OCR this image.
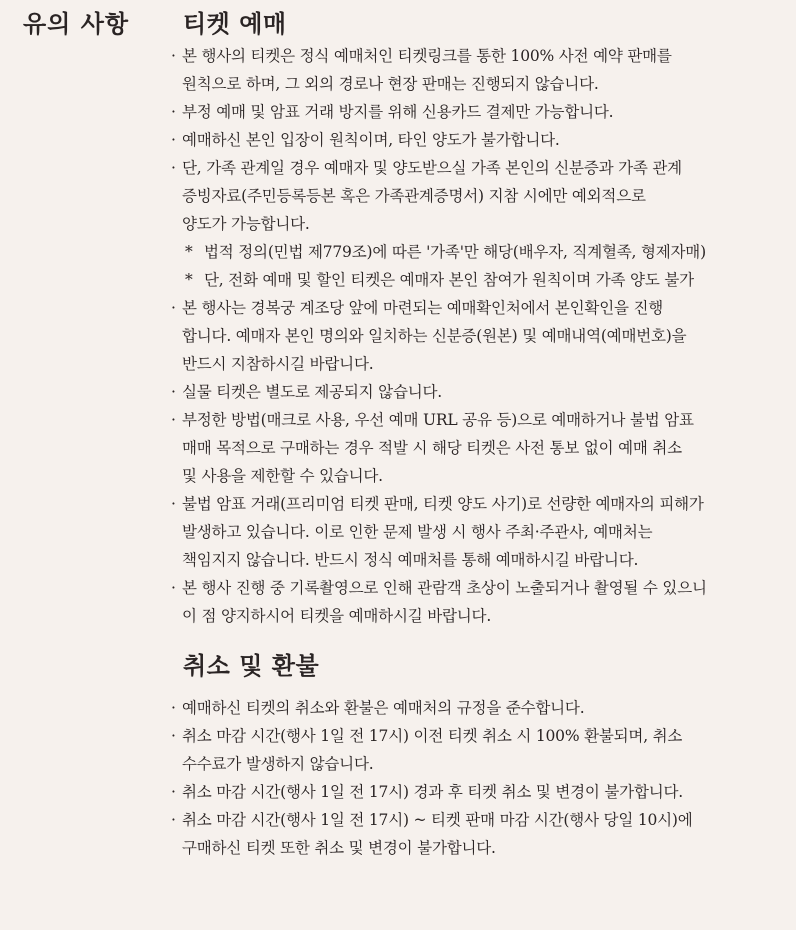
유의 사항	티켓 예매
· 본 행사의 티켓은 정식 예매처인 티켓링크를 통한 100% 사전 예약 판매를
원칙으로 하며, 그 외의 경로나 현장 판매는 진행되지 않습니다.
· 부정 예매 및 암표 거래 방지를 위해 신용카드 결제만 가능합니다.
· 예매하신 본인 입장이 원칙이며, 타인 양도가 불가합니다.
· 단, 가족 관계일 경우 예매자 및 양도받으실 가족 본인의 신분증과 가족 관계
증빙자료(주민등록등본 혹은 가족관계증명서) 지참 시에만 예외적으로
양도가 가능합니다.
* 법적 정의(민법 제779조)에 따른 '가족'만 해당(배우자, 직계혈족, 형제자매)
* 단, 전화 예매 및 할인 티켓은 예매자 본인 참여가 원칙이며 가족 양도 불가
· 본 행사는 경복궁 계조당 앞에 마련되는 예매확인처에서 본인확인을 진행
합니다. 예매자 본인 명의와 일치하는 신분증(원본) 및 예매내역(예매번호)을
반드시 지참하시길 바랍니다.
· 실물 티켓은 별도로 제공되지 않습니다.
· 부정한 방법(매크로 사용, 우선 예매 URL 공유 등)으로 예매하거나 불법 암표
매매 목적으로 구매하는 경우 적발 시 해당 티켓은 사전 통보 없이 예매 취소
및 사용을 제한할 수 있습니다.
· 불법 암표 거래(프리미엄 티켓 판매, 티켓 양도 사기)로 선량한 예매자의 피해가
발생하고 있습니다. 이로 인한 문제 발생 시 행사 주최·주관사, 예매처는
책임지지 않습니다. 반드시 정식 예매처를 통해 예매하시길 바랍니다.
· 본 행사 진행 중 기록촬영으로 인해 관람객 초상이 노출되거나 촬영될 수 있으니
이 점 양지하시어 티켓을 예매하시길 바랍니다.
취소 및 환불
· 예매하신 티켓의 취소와 환불은 예매처의 규정을 준수합니다.
· 취소 마감 시간(행사 1일 전 17시) 이전 티켓 취소 시 100% 환불되며, 취소
수수료가 발생하지 않습니다.
· 취소 마감 시간(행사 1일 전 17시) 경과 후 티켓 취소 및 변경이 불가합니다.
· 취소 마감 시간(행사 1일 전 17시) ~ 티켓 판매 마감 시간(행사 당일 10시)에
구매하신 티켓 또한 취소 및 변경이 불가합니다.
